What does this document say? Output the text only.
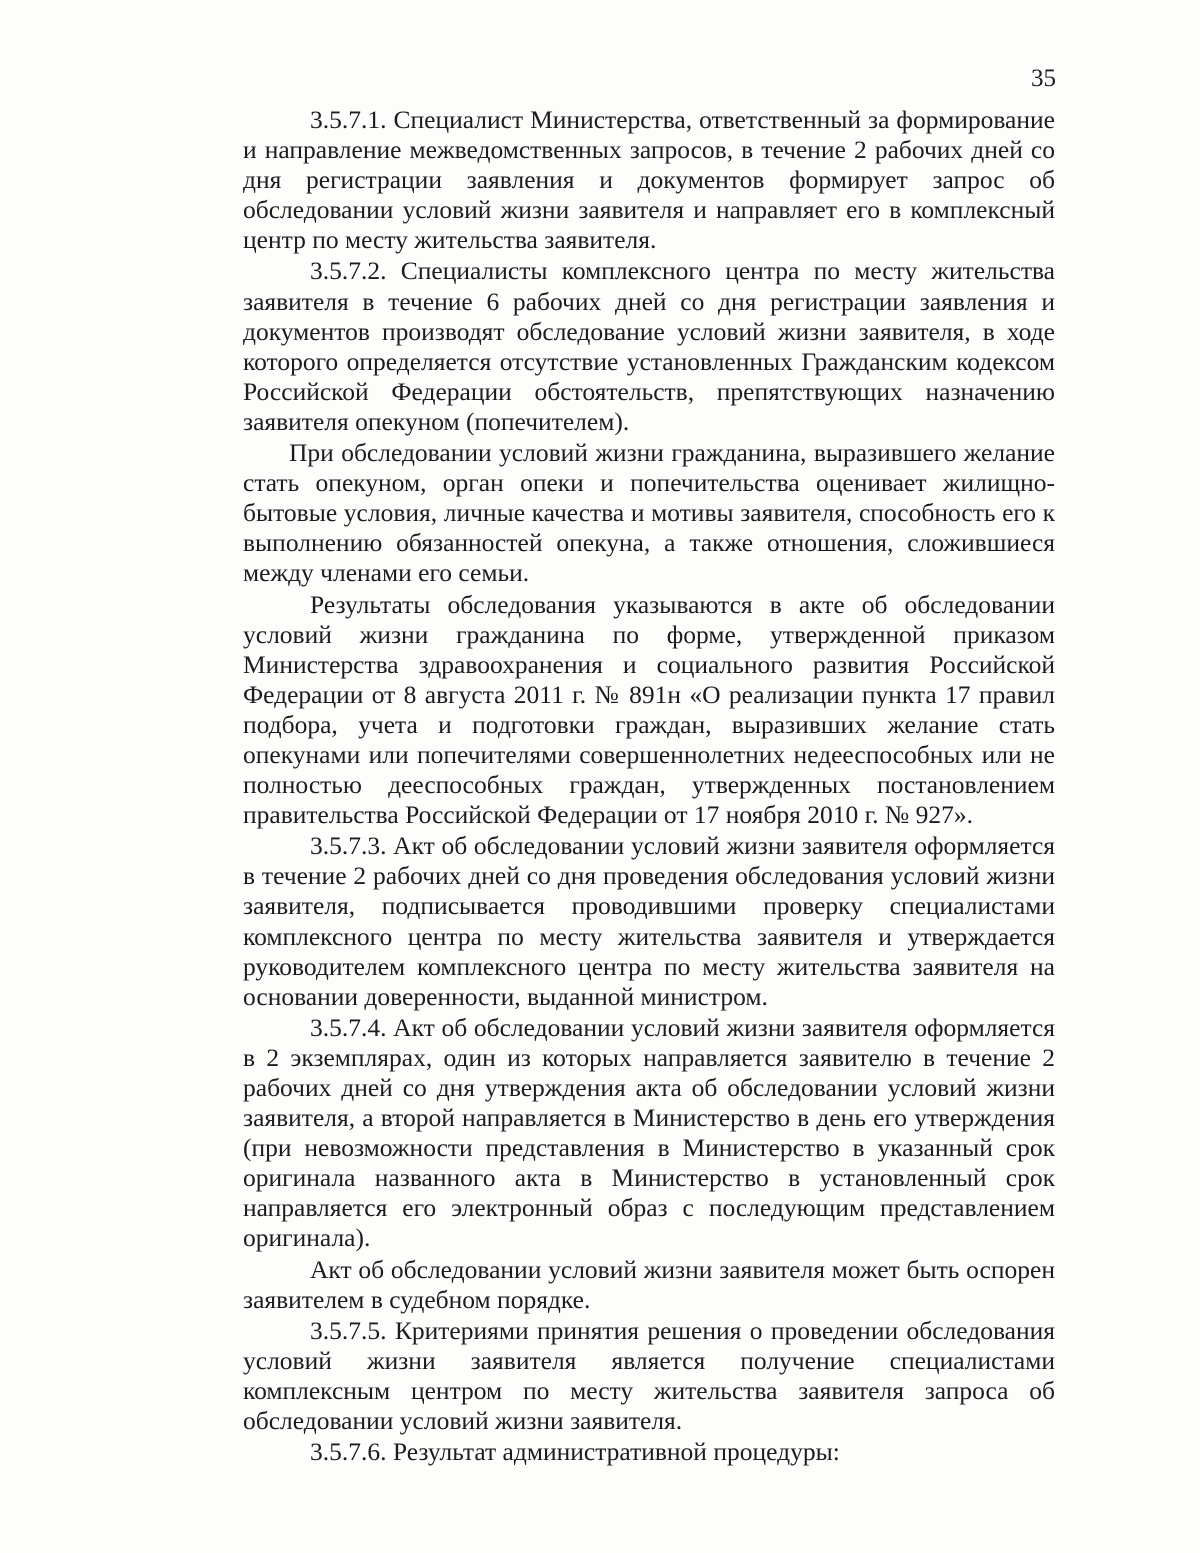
35

3.5.7.1. Специалист Министерства, ответственный за формирование и направление межведомственных запросов, в течение 2 рабочих дней со дня регистрации заявления и документов формирует запрос об обследовании условий жизни заявителя и направляет его в комплексный центр по месту жительства заявителя.

3.5.7.2. Специалисты комплексного центра по месту жительства заявителя в течение 6 рабочих дней со дня регистрации заявления и документов производят обследование условий жизни заявителя, в ходе которого определяется отсутствие установленных Гражданским кодексом Российской Федерации обстоятельств, препятствующих назначению заявителя опекуном (попечителем).

При обследовании условий жизни гражданина, выразившего желание стать опекуном, орган опеки и попечительства оценивает жилищно-бытовые условия, личные качества и мотивы заявителя, способность его к выполнению обязанностей опекуна, а также отношения, сложившиеся между членами его семьи.

Результаты обследования указываются в акте об обследовании условий жизни гражданина по форме, утвержденной приказом Министерства здравоохранения и социального развития Российской Федерации от 8 августа 2011 г. № 891н «О реализации пункта 17 правил подбора, учета и подготовки граждан, выразивших желание стать опекунами или попечителями совершеннолетних недееспособных или не полностью дееспособных граждан, утвержденных постановлением правительства Российской Федерации от 17 ноября 2010 г. № 927».

3.5.7.3. Акт об обследовании условий жизни заявителя оформляется в течение 2 рабочих дней со дня проведения обследования условий жизни заявителя, подписывается проводившими проверку специалистами комплексного центра по месту жительства заявителя и утверждается руководителем комплексного центра по месту жительства заявителя на основании доверенности, выданной министром.

3.5.7.4. Акт об обследовании условий жизни заявителя оформляется в 2 экземплярах, один из которых направляется заявителю в течение 2 рабочих дней со дня утверждения акта об обследовании условий жизни заявителя, а второй направляется в Министерство в день его утверждения (при невозможности представления в Министерство в указанный срок оригинала названного акта в Министерство в установленный срок направляется его электронный образ с последующим представлением оригинала).

Акт об обследовании условий жизни заявителя может быть оспорен заявителем в судебном порядке.

3.5.7.5. Критериями принятия решения о проведении обследования условий жизни заявителя является получение специалистами комплексным центром по месту жительства заявителя запроса об обследовании условий жизни заявителя.

3.5.7.6. Результат административной процедуры:
